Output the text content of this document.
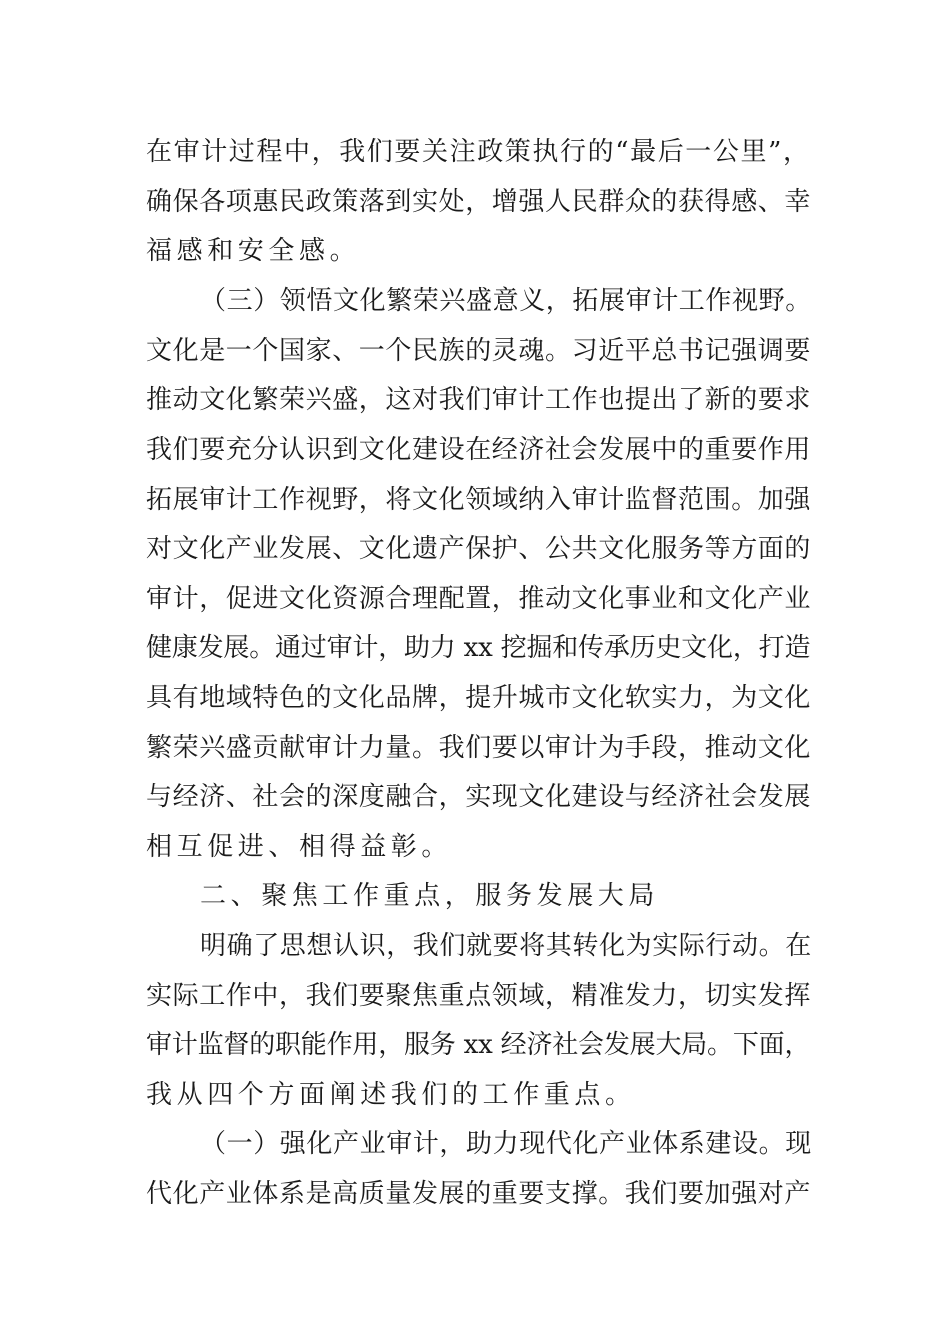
在审计过程中，我们要关注政策执行的“最后一公里”，
确保各项惠民政策落到实处，增强人民群众的获得感、幸
福感和安全感。
（三）领悟文化繁荣兴盛意义，拓展审计工作视野。
文化是一个国家、一个民族的灵魂。习近平总书记强调要
推动文化繁荣兴盛，这对我们审计工作也提出了新的要求
我们要充分认识到文化建设在经济社会发展中的重要作用
拓展审计工作视野，将文化领域纳入审计监督范围。加强
对文化产业发展、文化遗产保护、公共文化服务等方面的
审计，促进文化资源合理配置，推动文化事业和文化产业
健康发展。通过审计，助力 xx 挖掘和传承历史文化，打造
具有地域特色的文化品牌，提升城市文化软实力，为文化
繁荣兴盛贡献审计力量。我们要以审计为手段，推动文化
与经济、社会的深度融合，实现文化建设与经济社会发展
相互促进、相得益彰。
二、聚焦工作重点，服务发展大局
明确了思想认识，我们就要将其转化为实际行动。在
实际工作中，我们要聚焦重点领域，精准发力，切实发挥
审计监督的职能作用，服务 xx 经济社会发展大局。下面，
我从四个方面阐述我们的工作重点。
（一）强化产业审计，助力现代化产业体系建设。现
代化产业体系是高质量发展的重要支撑。我们要加强对产
